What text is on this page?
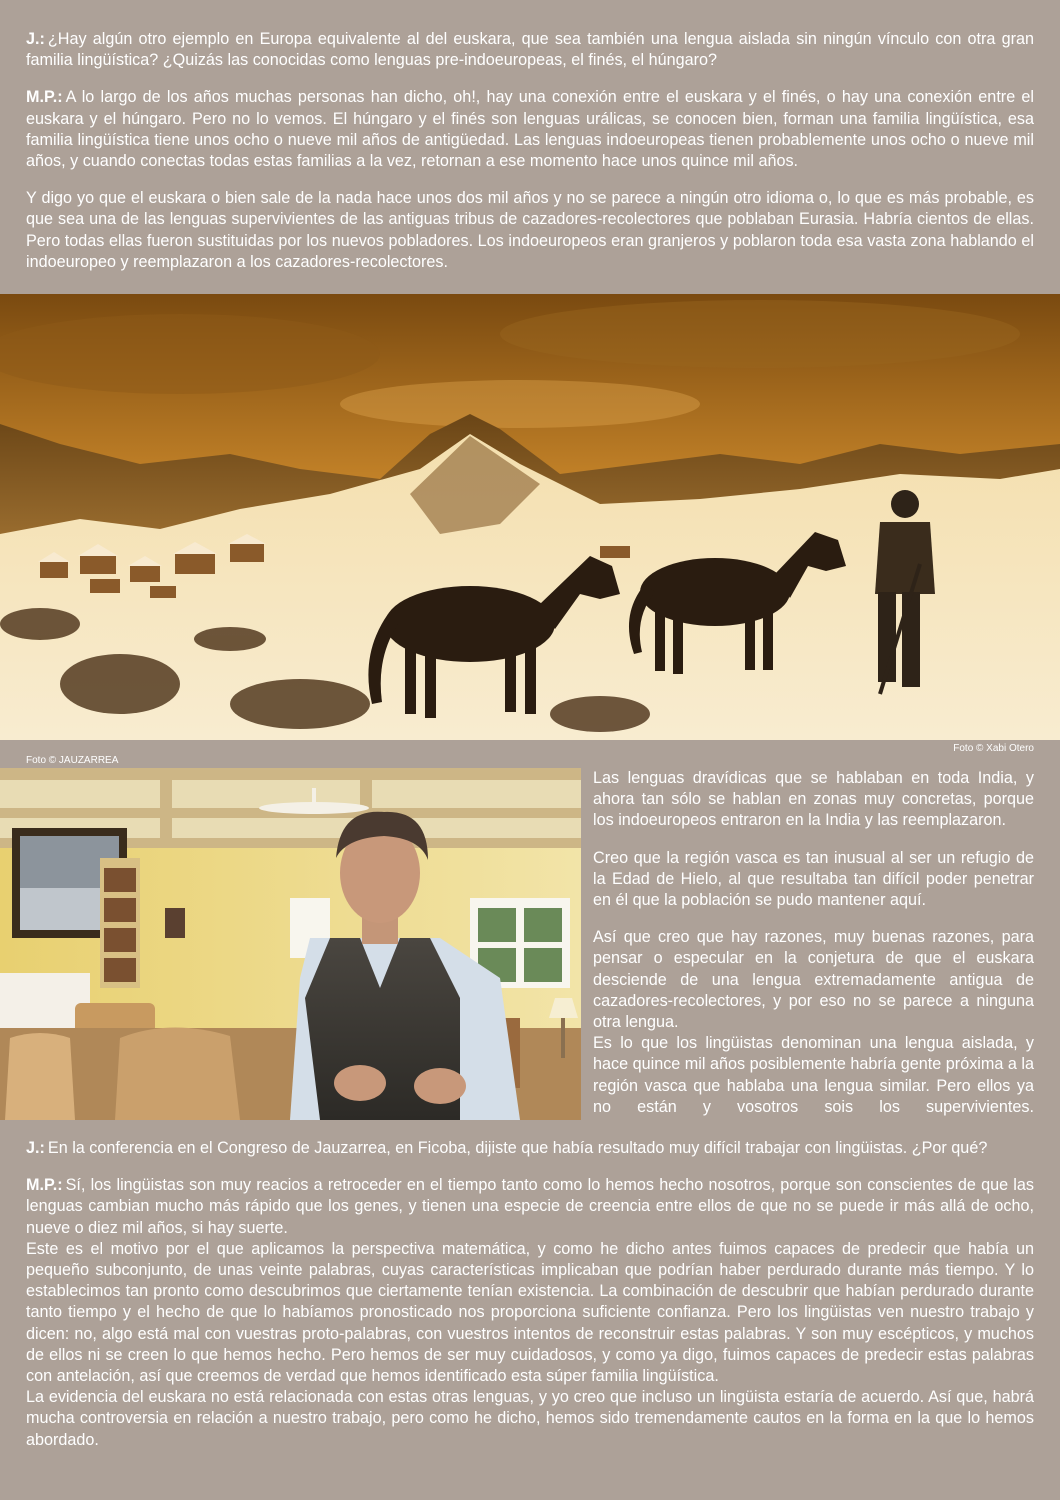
J.: ¿Hay algún otro ejemplo en Europa equivalente al del euskara, que sea también una lengua aislada sin ningún vínculo con otra gran familia lingüística? ¿Quizás las conocidas como lenguas pre-indoeuropeas, el finés, el húngaro?

M.P.: A lo largo de los años muchas personas han dicho, oh!, hay una conexión entre el euskara y el finés, o hay una conexión entre el euskara y el húngaro. Pero no lo vemos. El húngaro y el finés son lenguas urálicas, se conocen bien, forman una familia lingüística, esa familia lingüística tiene unos ocho o nueve mil años de antigüedad. Las lenguas indoeuropeas tienen probablemente unos ocho o nueve mil años, y cuando conectas todas estas familias a la vez, retornan a ese momento hace unos quince mil años.

Y digo yo que el euskara o bien sale de la nada hace unos dos mil años y no se parece a ningún otro idioma o, lo que es más probable, es que sea una de las lenguas supervivientes de las antiguas tribus de cazadores-recolectores que poblaban Eurasia. Habría cientos de ellas. Pero todas ellas fueron sustituidas por los nuevos pobladores. Los indoeuropeos eran granjeros y poblaron toda esa vasta zona hablando el indoeuropeo y reemplazaron a los cazadores-recolectores.

Foto © Xabi Otero
Foto © JAUZARREA

Las lenguas dravídicas que se hablaban en toda India, y ahora tan sólo se hablan en zonas muy concretas, porque los indoeuropeos entraron en la India y las reemplazaron.

Creo que la región vasca es tan inusual al ser un refugio de la Edad de Hielo, al que resultaba tan difícil poder penetrar en él que la población se pudo mantener aquí.

Así que creo que hay razones, muy buenas razones, para pensar o especular en la conjetura de que el euskara desciende de una lengua extremadamente antigua de cazadores-recolectores, y por eso no se parece a ninguna otra lengua.

Es lo que los lingüistas denominan una lengua aislada, y hace quince mil años posiblemente habría gente próxima a la región vasca que hablaba una lengua similar. Pero ellos ya no están y vosotros sois los supervivientes.

J.: En la conferencia en el Congreso de Jauzarrea, en Ficoba, dijiste que había resultado muy difícil trabajar con lingüistas. ¿Por qué?

M.P.: Sí, los lingüistas son muy reacios a retroceder en el tiempo tanto como lo hemos hecho nosotros, porque son conscientes de que las lenguas cambian mucho más rápido que los genes, y tienen una especie de creencia entre ellos de que no se puede ir más allá de ocho, nueve o diez mil años, si hay suerte.

Este es el motivo por el que aplicamos la perspectiva matemática, y como he dicho antes fuimos capaces de predecir que había un pequeño subconjunto, de unas veinte palabras, cuyas características implicaban que podrían haber perdurado durante más tiempo. Y lo establecimos tan pronto como descubrimos que ciertamente tenían existencia. La combinación de descubrir que habían perdurado durante tanto tiempo y el hecho de que lo habíamos pronosticado nos proporciona suficiente confianza. Pero los lingüistas ven nuestro trabajo y dicen: no, algo está mal con vuestras proto-palabras, con vuestros intentos de reconstruir estas palabras. Y son muy escépticos, y muchos de ellos ni se creen lo que hemos hecho. Pero hemos de ser muy cuidadosos, y como ya digo, fuimos capaces de predecir estas palabras con antelación, así que creemos de verdad que hemos identificado esta súper familia lingüística.

La evidencia del euskara no está relacionada con estas otras lenguas, y yo creo que incluso un lingüista estaría de acuerdo. Así que, habrá mucha controversia en relación a nuestro trabajo, pero como he dicho, hemos sido tremendamente cautos en la forma en la que lo hemos abordado.
